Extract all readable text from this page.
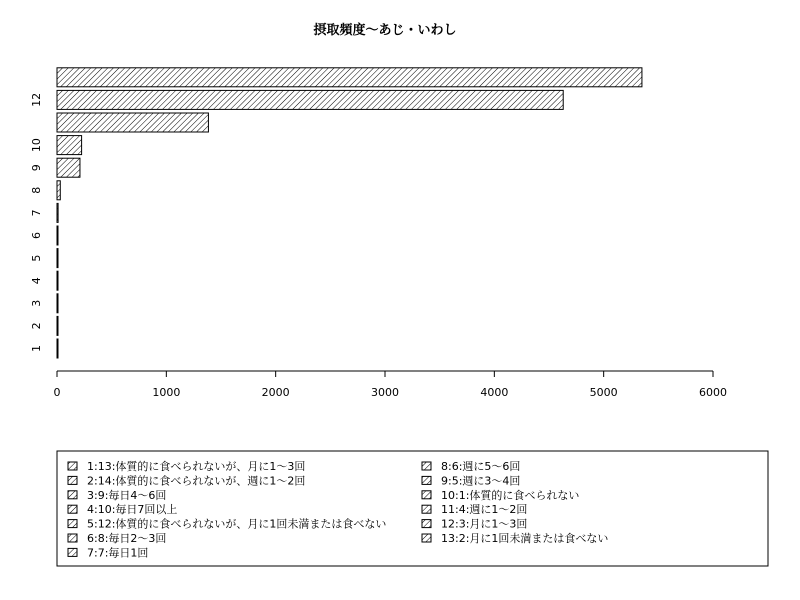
摂取頻度〜あじ・いわし
0	1000	2000	3000	4000	5000	6000
1
2
3
4
5
6
7
8
9
10
12
1:13:体質的に食べられないが、月に1〜3回
2:14:体質的に食べられないが、週に1〜2回
3:9:毎日4〜6回
4:10:毎日7回以上
5:12:体質的に食べられないが、月に1回未満または食べない
6:8:毎日2〜3回
7:7:毎日1回
8:6:週に5〜6回
9:5:週に3〜4回
10:1:体質的に食べられない
11:4:週に1〜2回
12:3:月に1〜3回
13:2:月に1回未満または食べない
